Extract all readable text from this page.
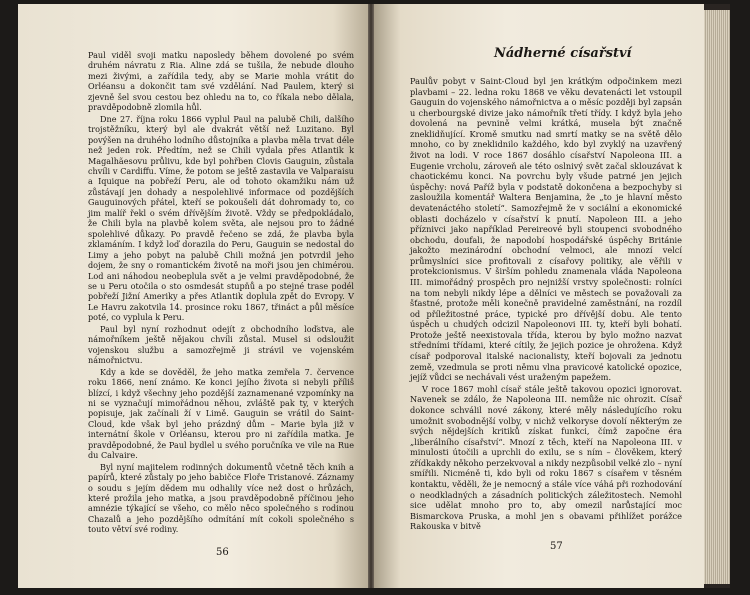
Paul viděl svoji matku naposledy během dovolené po svém druhém návratu z Ria. Aline zdá se tušila, že nebude dlouho mezi živými, a zařídila tedy, aby se Marie mohla vrátit do Orléansu a dokončit tam své vzdělání. Nad Paulem, který si zjevně šel svou cestou bez ohledu na to, co říkala nebo dělala, pravděpodobně zlomila hůl.

Dne 27. října roku 1866 vyplul Paul na palubě Chili, dalšího trojstěžníku, který byl ale dvakrát větší než Luzitano. Byl povýšen na druhého lodního důstojníka a plavba měla trvat déle než jeden rok. Předtím, než se Chili vydala přes Atlantik k Magalhãesovu průlivu, kde byl pohřben Clovis Gauguin, zůstala chvíli v Cardiffu. Víme, že potom se ještě zastavila ve Valparaisu a Iquique na pobřeží Peru, ale od tohoto okamžiku nám už zůstávají jen dohady a nespolehlivé informace od pozdějších Gauguinových přátel, kteří se pokoušeli dát dohromady to, co jim malíř řekl o svém dřívějším životě. Vždy se předpokládalo, že Chili byla na plavbě kolem světa, ale nejsou pro to žádné spolehlivé důkazy. Po pravdě řečeno se zdá, že plavba byla zklamáním. I když loď dorazila do Peru, Gauguin se nedostal do Limy a jeho pobyt na palubě Chili možná jen potvrdil jeho dojem, že sny o romantickém životě na moři jsou jen chimérou. Lod ani náhodou neobeplula svět a je velmi pravděpodobné, že se u Peru otočila o sto osmdesát stupňů a po stejné trase podél pobřeží Jižní Ameriky a přes Atlantik doplula zpět do Evropy. V Le Havru zakotvila 14. prosince roku 1867, třináct a půl měsíce poté, co vyplula k Peru.

Paul byl nyní rozhodnut odejít z obchodního loďstva, ale námořníkem ještě nějakou chvíli zůstal. Musel si odsloužit vojenskou službu a samozřejmě ji strávil ve vojenském námořnictvu.

Kdy a kde se dověděl, že jeho matka zemřela 7. července roku 1866, není známo. Ke konci jejího života si nebyli příliš blízcí, i když všechny jeho pozdější zaznamenané vzpomínky na ni se vyznačují mimořádnou něhou, zvláště pak ty, v kterých popisuje, jak začínali ží v Limě. Gauguin se vrátil do Saint-Cloud, kde však byl jeho prázdný dům – Marie byla již v internátní škole v Orléansu, kterou pro ni zařídila matka. Je pravděpodobné, že Paul bydlel u svého poručníka ve vile na Rue du Calvaire.

Byl nyní majitelem rodinných dokumentů včetně těch knih a papírů, které zůstaly po jeho babičce Floře Tristanové. Záznamy o soudu s jejím dědem mu odhalily více než dost o hrůzách, které prožila jeho matka, a jsou pravděpodobně příčinou jeho amnézie týkající se všeho, co mělo něco společného s rodinou Chazalů a jeho pozdějšího odmítání mít cokoli společného s touto větví své rodiny.

56
Nádherné císařství

Paulův pobyt v Saint-Cloud byl jen krátkým odpočinkem mezi plavbami – 22. ledna roku 1868 ve věku devatenácti let vstoupil Gauguin do vojenského námořnictva a o měsíc později byl zapsán u cherbourgské divize jako námořník třetí třídy. I když byla jeho dovolená na pevnině velmi krátká, musela být značně zneklidňující. Kromě smutku nad smrtí matky se na světě dělo mnoho, co by zneklidnilo každého, kdo byl zvyklý na uzavřený život na lodi. V roce 1867 dosáhlo císařství Napoleona III. a Eugenie vrcholu, zároveň ale této oslnivý svět začal sklouzávat k chaotickému konci. Na povrchu byly všude patrné jen jejich úspěchy: nová Paříž byla v podstatě dokončena a bezpochyby si zasloužila komentář Waltera Benjamina, že „to je hlavní město devatenáctého století“. Samozřejmě že v sociální a ekonomické oblasti docházelo v císařství k pnutí. Napoleon III. a jeho příznivci jako například Pereireové byli stoupenci svobodného obchodu, doufali, že napodobí hospodářské úspěchy Británie jakožto mezinárodní obchodní velmoci, ale mnozí velcí průmyslníci sice profitovali z císařovy politiky, ale věřili v protekcionismus. V širším pohledu znamenala vláda Napoleona III. mimořádný prospěch pro nejnižší vrstvy společnosti: rolníci na tom nebyli nikdy lépe a dělníci ve městech se považovali za šťastné, protože měli konečně pravidelné zaměstnání, na rozdíl od příležitostné práce, typické pro dřívější dobu. Ale tento úspěch u chudých odcizil Napoleonovi III. ty, kteří byli bohatí. Protože ještě neexistovala třída, kterou by bylo možno nazvat středními třídami, které cítily, že jejich pozice je ohrožena. Když císař podporoval italské nacionalisty, kteří bojovali za jednotu země, vzedmula se proti němu vlna pravicové katolické opozice, jejíž vůdci se nechávali vést uraženým papežem.

V roce 1867 mohl císař stále ještě takovou opozici ignorovat. Navenek se zdálo, že Napoleona III. nemůže nic ohrozit. Císař dokonce schválil nové zákony, které měly následujícího roku umožnit svobodnější volby, v nichž velkoryse dovolí některým ze svých nějdejších kritiků získat funkci, čímž započne éra „liberálního císařství“. Mnozí z těch, kteří na Napoleona III. v minulosti útočili a uprchli do exilu, se s ním – člověkem, který zřídkakdy někoho perzekvoval a nikdy nezpůsobil velké zlo – nyní smířili. Nicméně ti, kdo byli od roku 1867 s císařem v těsném kontaktu, věděli, že je nemocný a stále více váhá při rozhodování o neodkladných a zásadních politických záležitostech. Nemohl sice udělat mnoho pro to, aby omezil narůstající moc Bismarckova Pruska, a mohl jen s obavami přihlížet porážce Rakouska v bitvě

57
